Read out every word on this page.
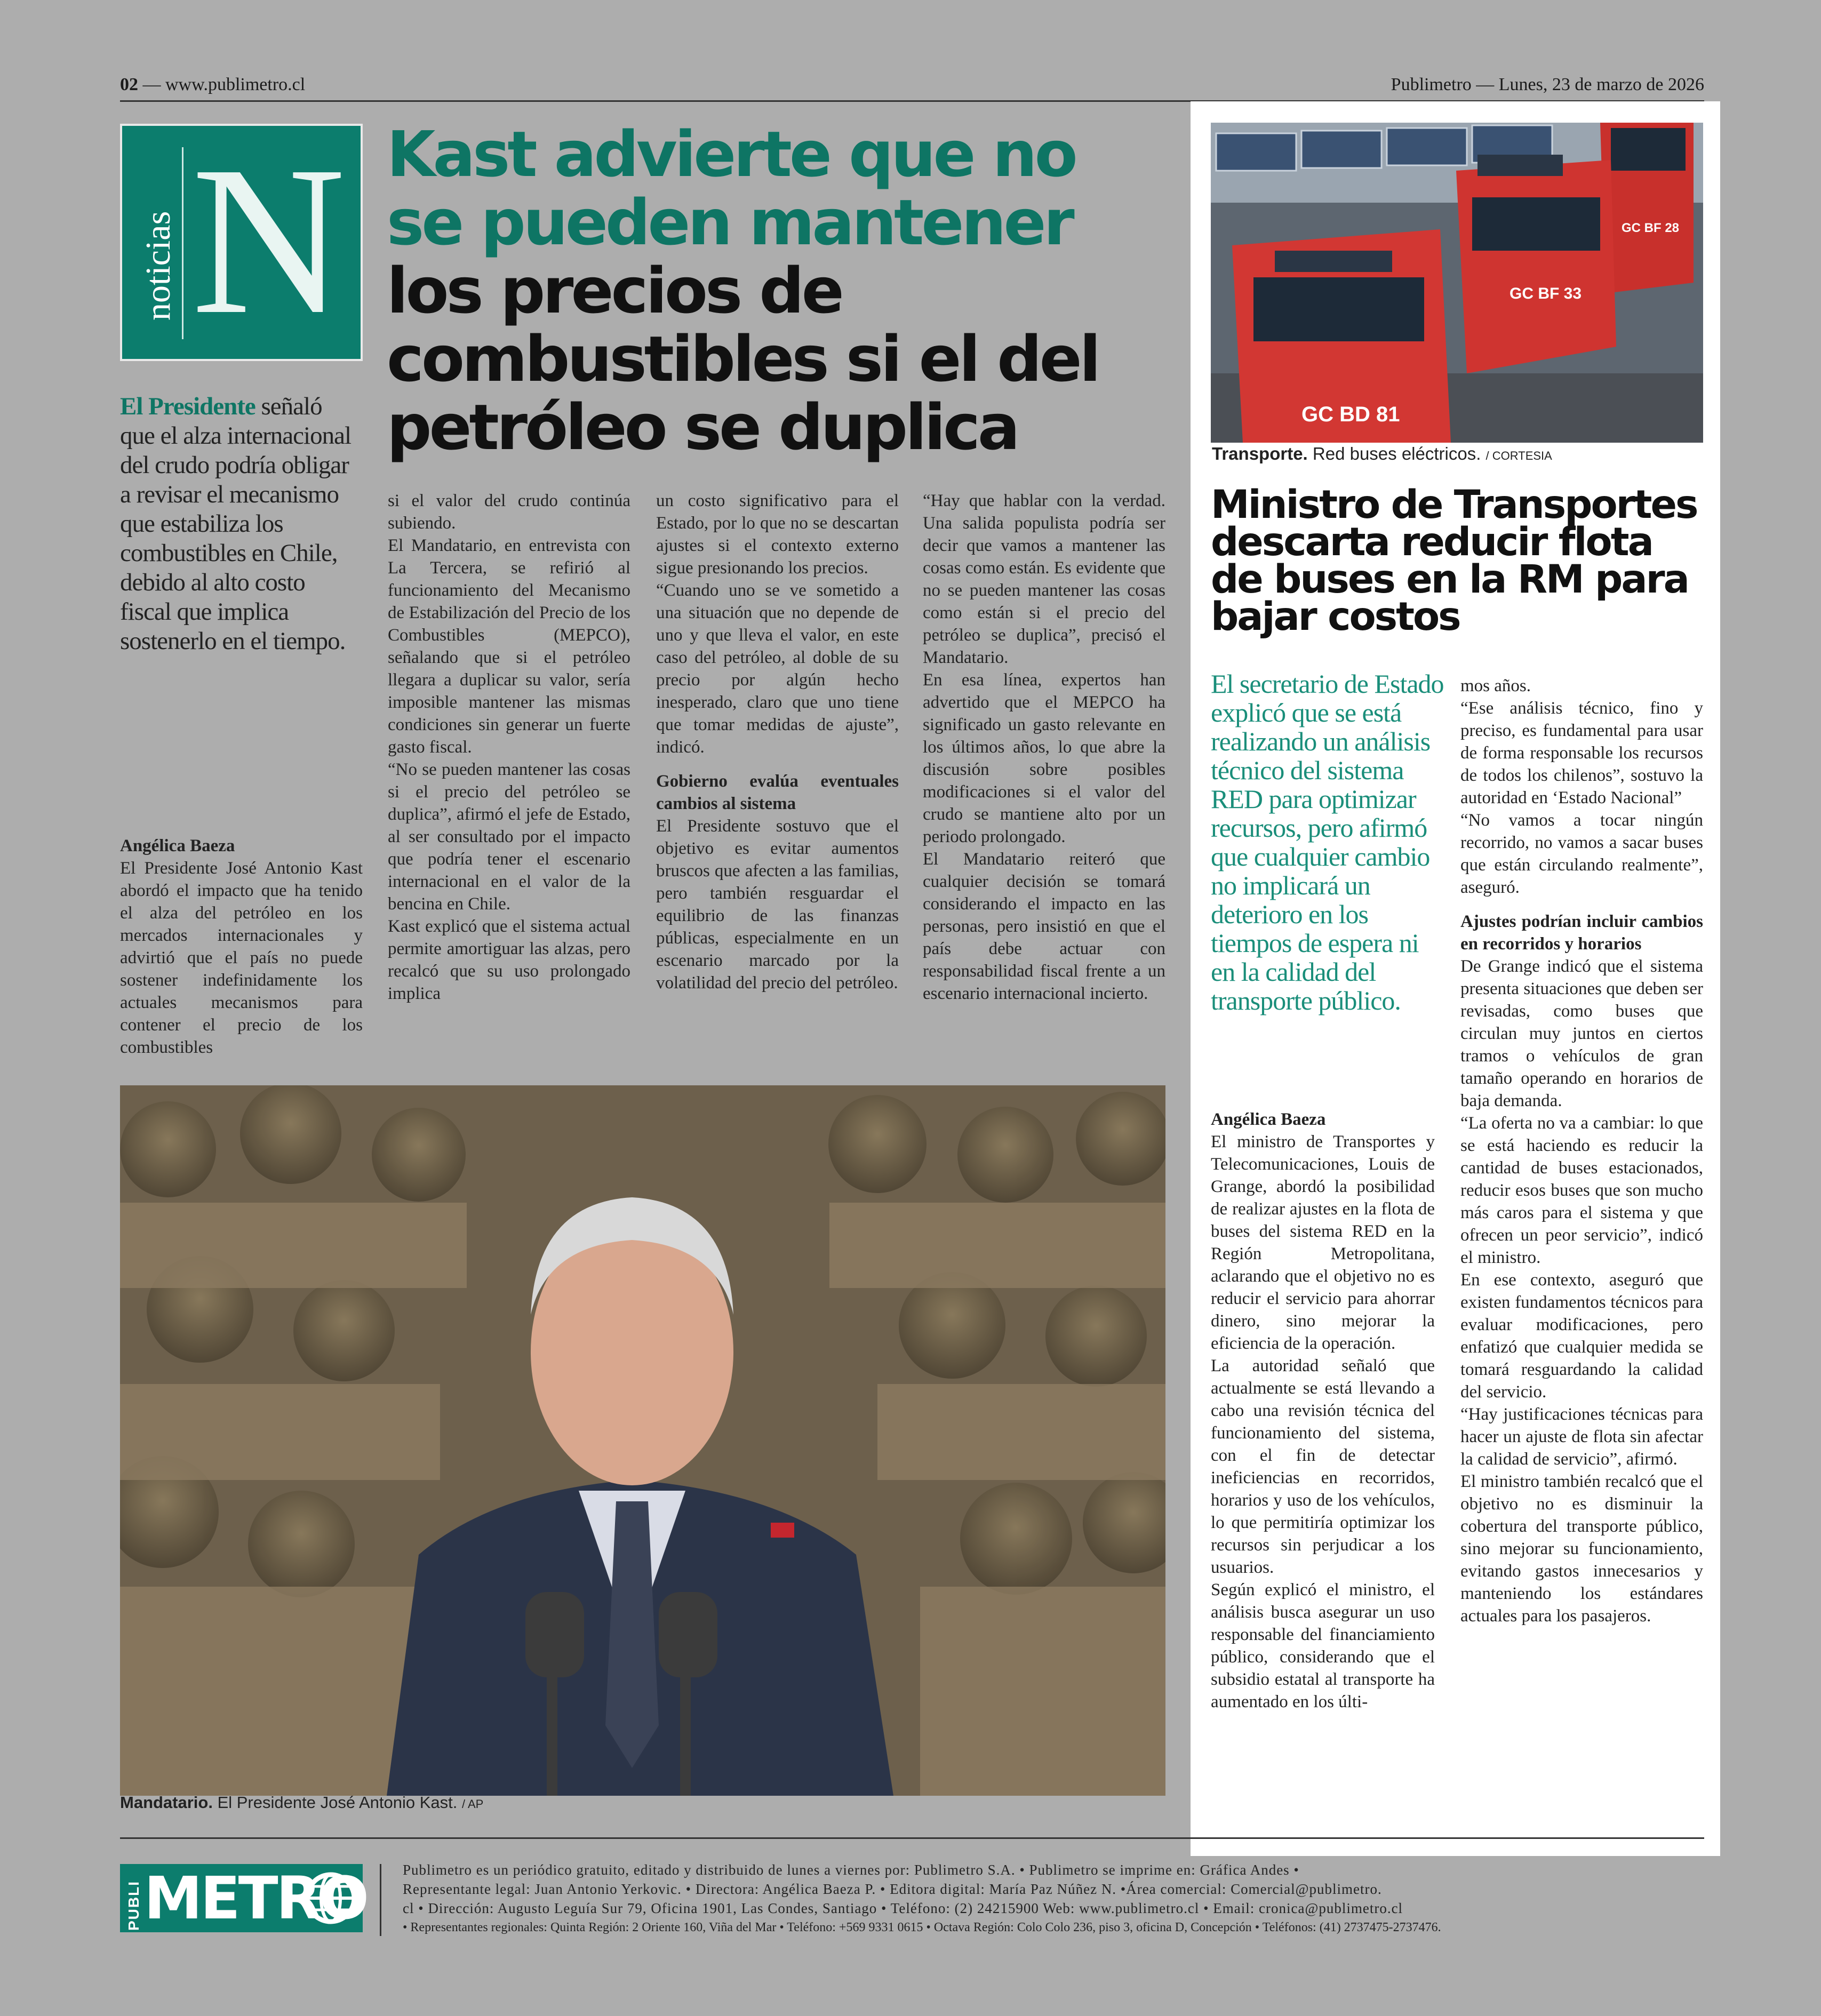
02 — www.publimetro.cl	Publimetro — Lunes, 23 de marzo de 2026
noticias N Kast advierte que no
se pueden mantener
los precios de
combustibles si el del
petróleo se duplica
El Presidente señaló que el alza internacional del crudo podría obligar a revisar el mecanismo que estabiliza los combustibles en Chile, debido al alto costo fiscal que implica sostenerlo en el tiempo.

Angélica Baeza

El Presidente José Antonio Kast abordó el impacto que ha tenido el alza del petróleo en los mercados internacionales y advirtió que el país no puede sostener indefinidamente los actuales mecanismos para contener el precio de los combustibles

si el valor del crudo continúa subiendo.

El Mandatario, en entrevista con La Tercera, se refirió al funcionamiento del Mecanismo de Estabilización del Precio de los Combustibles (MEPCO), señalando que si el petróleo llegara a duplicar su valor, sería imposible mantener las mismas condiciones sin generar un fuerte gasto fiscal.

“No se pueden mantener las cosas si el precio del petróleo se duplica”, afirmó el jefe de Estado, al ser consultado por el impacto que podría tener el escenario internacional en el valor de la bencina en Chile.

Kast explicó que el sistema actual permite amortiguar las alzas, pero recalcó que su uso prolongado implica

un costo significativo para el Estado, por lo que no se descartan ajustes si el contexto externo sigue presionando los precios.

“Cuando uno se ve sometido a una situación que no depende de uno y que lleva el valor, en este caso del petróleo, al doble de su precio por algún hecho inesperado, claro que uno tiene que tomar medidas de ajuste”, indicó.

Gobierno evalúa eventuales cambios al sistema

El Presidente sostuvo que el objetivo es evitar aumentos bruscos que afecten a las familias, pero también resguardar el equilibrio de las finanzas públicas, especialmente en un escenario marcado por la volatilidad del precio del petróleo.

“Hay que hablar con la verdad. Una salida populista podría ser decir que vamos a mantener las cosas como están. Es evidente que no se pueden mantener las cosas como están si el precio del petróleo se duplica”, precisó el Mandatario.

En esa línea, expertos han advertido que el MEPCO ha significado un gasto relevante en los últimos años, lo que abre la discusión sobre posibles modificaciones si el valor del crudo se mantiene alto por un periodo prolongado.

El Mandatario reiteró que cualquier decisión se tomará considerando el impacto en las personas, pero insistió en que el país debe actuar con responsabilidad fiscal frente a un escenario internacional incierto.

Mandatario. El Presidente José Antonio Kast. / AP
GC BF 28
GC BF 33
GC BD 81
Transporte. Red buses eléctricos. / CORTESIA
Ministro de Transportes descarta reducir flota de buses en la RM para bajar costos
El secretario de Estado explicó que se está realizando un análisis técnico del sistema RED para optimizar recursos, pero afirmó que cualquier cambio no implicará un deterioro en los tiempos de espera ni en la calidad del transporte público.

Angélica Baeza

El ministro de Transportes y Telecomunicaciones, Louis de Grange, abordó la posibilidad de realizar ajustes en la flota de buses del sistema RED en la Región Metropolitana, aclarando que el objetivo no es reducir el servicio para ahorrar dinero, sino mejorar la eficiencia de la operación.

La autoridad señaló que actualmente se está llevando a cabo una revisión técnica del funcionamiento del sistema, con el fin de detectar ineficiencias en recorridos, horarios y uso de los vehículos, lo que permitiría optimizar los recursos sin perjudicar a los usuarios.

Según explicó el ministro, el análisis busca asegurar un uso responsable del financiamiento público, considerando que el subsidio estatal al transporte ha aumentado en los últi-

mos años.

“Ese análisis técnico, fino y preciso, es fundamental para usar de forma responsable los recursos de todos los chilenos”, sostuvo la autoridad en ‘Estado Nacional”

“No vamos a tocar ningún recorrido, no vamos a sacar buses que están circulando realmente”, aseguró.

Ajustes podrían incluir cambios en recorridos y horarios

De Grange indicó que el sistema presenta situaciones que deben ser revisadas, como buses que circulan muy juntos en ciertos tramos o vehículos de gran tamaño operando en horarios de baja demanda.

“La oferta no va a cambiar: lo que se está haciendo es reducir la cantidad de buses estacionados, reducir esos buses que son mucho más caros para el sistema y que ofrecen un peor servicio”, indicó el ministro.

En ese contexto, aseguró que existen fundamentos técnicos para evaluar modificaciones, pero enfatizó que cualquier medida se tomará resguardando la calidad del servicio.

“Hay justificaciones técnicas para hacer un ajuste de flota sin afectar la calidad de servicio”, afirmó.

El ministro también recalcó que el objetivo no es disminuir la cobertura del transporte público, sino mejorar su funcionamiento, evitando gastos innecesarios y manteniendo los estándares actuales para los pasajeros.

PUBLI METRO Publimetro es un periódico gratuito, editado y distribuido de lunes a viernes por: Publimetro S.A. • Publimetro se imprime en: Gráfica Andes •
Representante legal: Juan Antonio Yerkovic. • Directora: Angélica Baeza P. • Editora digital: María Paz Núñez N. •Área comercial: Comercial@publimetro.
cl • Dirección: Augusto Leguía Sur 79, Oficina 1901, Las Condes, Santiago • Teléfono: (2) 24215900 Web: www.publimetro.cl • Email: cronica@publimetro.cl
• Representantes regionales: Quinta Región: 2 Oriente 160, Viña del Mar • Teléfono: +569 9331 0615 • Octava Región: Colo Colo 236, piso 3, oficina D, Concepción • Teléfonos: (41) 2737475-2737476.
